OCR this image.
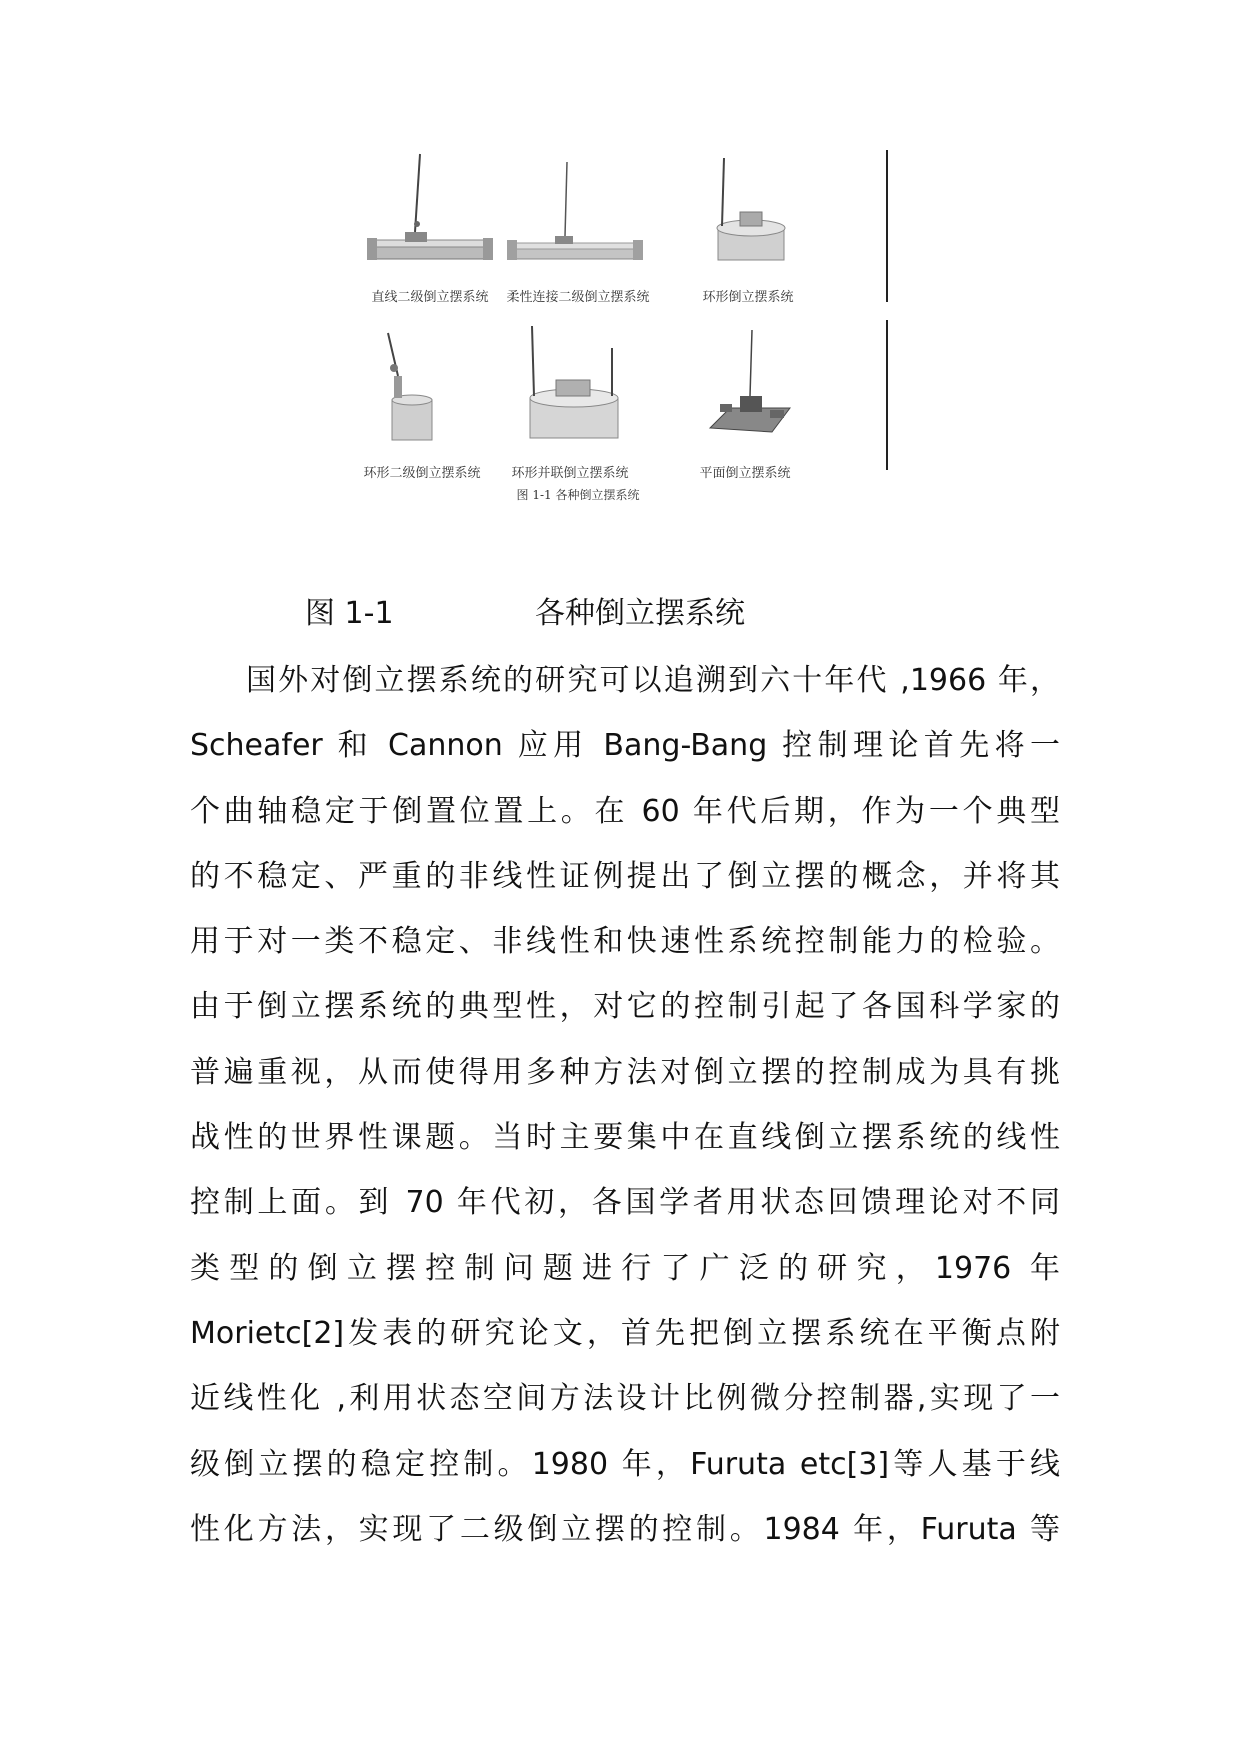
直线二级倒立摆系统 柔性连接二级倒立摆系统	环形倒立摆系统
环形二级倒立摆系统 环形并联倒立摆系统	平面倒立摆系统
图 1-1 各种倒立摆系统
图 1-1	各种倒立摆系统
国外对倒立摆系统的研究可以追溯到六十年代 ,1966 年，
Scheafer 和 Cannon 应用 Bang-Bang 控制理论首先将一
个曲轴稳定于倒置位置上。在 60 年代后期，作为一个典型
的不稳定、严重的非线性证例提出了倒立摆的概念，并将其
用于对一类不稳定、非线性和快速性系统控制能力的检验。
由于倒立摆系统的典型性，对它的控制引起了各国科学家的
普遍重视，从而使得用多种方法对倒立摆的控制成为具有挑
战性的世界性课题。当时主要集中在直线倒立摆系统的线性
控制上面。到 70 年代初，各国学者用状态回馈理论对不同
类型的倒立摆控制问题进行了广泛的研究，1976 年
Morietc[2]发表的研究论文，首先把倒立摆系统在平衡点附
近线性化 ,利用状态空间方法设计比例微分控制器,实现了一
级倒立摆的稳定控制。1980 年，Furuta etc[3]等人基于线
性化方法，实现了二级倒立摆的控制。1984 年，Furuta 等
